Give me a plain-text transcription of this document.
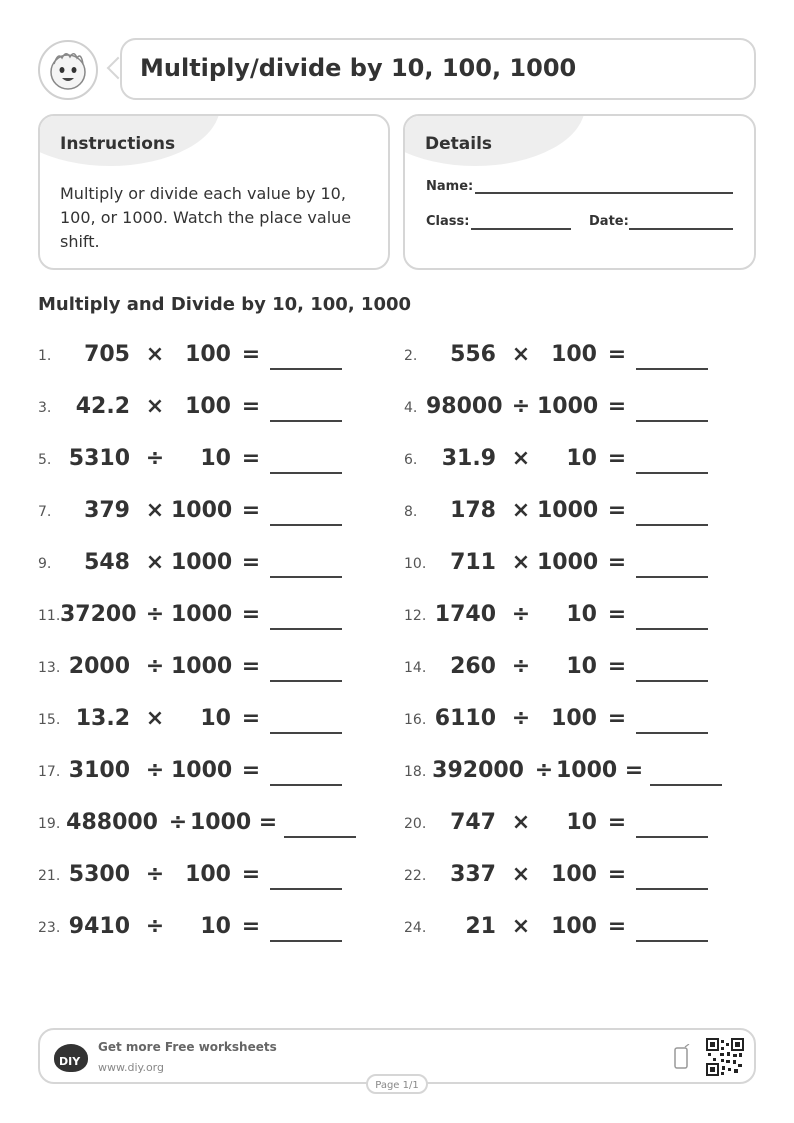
Multiply/divide by 10, 100, 1000
Instructions
Multiply or divide each value by 10, 100, or 1000. Watch the place value shift.
Details
Name:
Class:	Date:
Multiply and Divide by 10, 100, 1000
1.	705 × 100 =	2.	556 × 100 =
3.	42.2 × 100 =	4. 98000 ÷ 1000 =
5. 5310 ÷	10 =	6.	31.9 ×	10 =
7.	379 × 1000 =	8.	178 × 1000 =
9.	548 × 1000 =	10.	711 × 1000 =
11. 37200 ÷ 1000 =	12. 1740 ÷	10 =
13. 2000 ÷ 1000 =	14.	260 ÷	10 =
15. 13.2 ×	10 =	16. 6110 ÷ 100 =
17. 3100 ÷ 1000 =	18. 392000 ÷ 1000 =
19. 488000 ÷ 1000 =	20.	747 ×	10 =
21. 5300 ÷ 100 =	22.	337 × 100 =
23. 9410 ÷	10 =	24.	21 × 100 =
DIY
Get more Free worksheets
www.diy.org
Page 1/1
